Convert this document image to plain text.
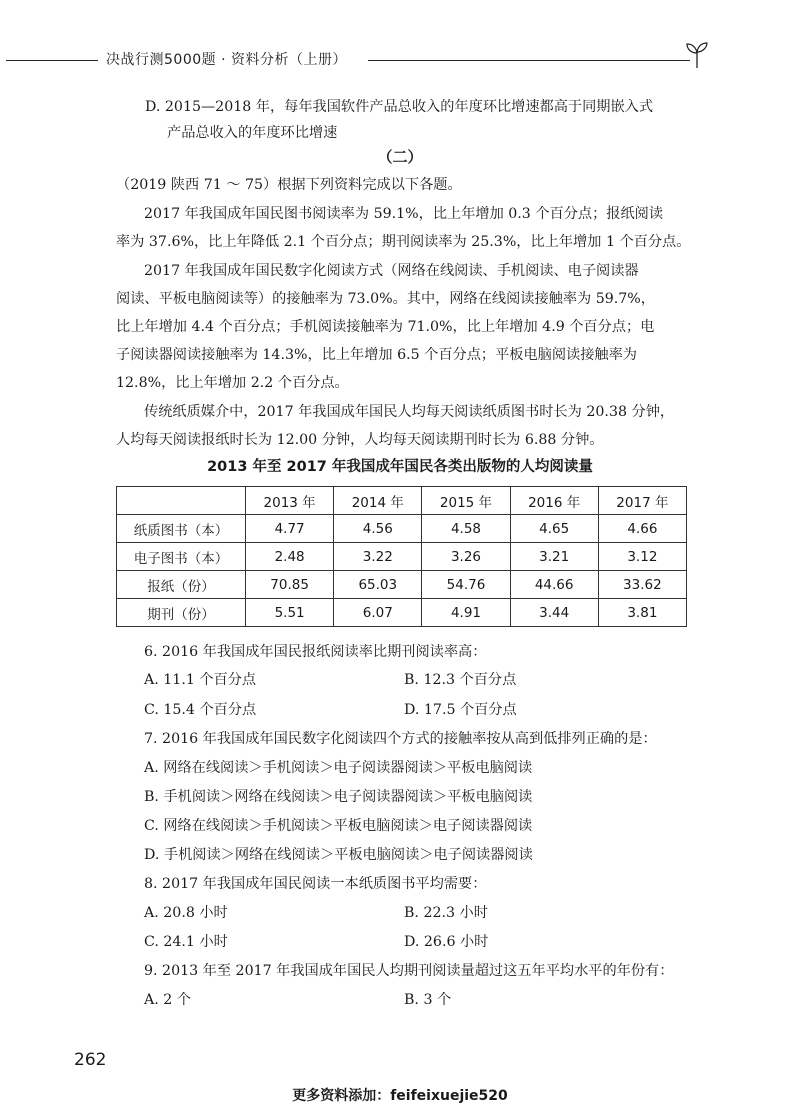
决战行测5000题 · 资料分析（上册）
D. 2015—2018 年，每年我国软件产品总收入的年度环比增速都高于同期嵌入式
产品总收入的年度环比增速
（二）
（2019 陕西 71 ～ 75）根据下列资料完成以下各题。
2017 年我国成年国民图书阅读率为 59.1%，比上年增加 0.3 个百分点；报纸阅读
率为 37.6%，比上年降低 2.1 个百分点；期刊阅读率为 25.3%，比上年增加 1 个百分点。
2017 年我国成年国民数字化阅读方式（网络在线阅读、手机阅读、电子阅读器
阅读、平板电脑阅读等）的接触率为 73.0%。其中，网络在线阅读接触率为 59.7%，
比上年增加 4.4 个百分点；手机阅读接触率为 71.0%，比上年增加 4.9 个百分点；电
子阅读器阅读接触率为 14.3%，比上年增加 6.5 个百分点；平板电脑阅读接触率为
12.8%，比上年增加 2.2 个百分点。
传统纸质媒介中，2017 年我国成年国民人均每天阅读纸质图书时长为 20.38 分钟，
人均每天阅读报纸时长为 12.00 分钟，人均每天阅读期刊时长为 6.88 分钟。
2013 年至 2017 年我国成年国民各类出版物的人均阅读量
	2013 年	2014 年	2015 年	2016 年	2017 年
纸质图书（本）	4.77	4.56	4.58	4.65	4.66
电子图书（本）	2.48	3.22	3.26	3.21	3.12
报纸（份）	70.85	65.03	54.76	44.66	33.62
期刊（份）	5.51	6.07	4.91	3.44	3.81
6. 2016 年我国成年国民报纸阅读率比期刊阅读率高：
A. 11.1 个百分点	B. 12.3 个百分点
C. 15.4 个百分点	D. 17.5 个百分点
7. 2016 年我国成年国民数字化阅读四个方式的接触率按从高到低排列正确的是：
A. 网络在线阅读＞手机阅读＞电子阅读器阅读＞平板电脑阅读
B. 手机阅读＞网络在线阅读＞电子阅读器阅读＞平板电脑阅读
C. 网络在线阅读＞手机阅读＞平板电脑阅读＞电子阅读器阅读
D. 手机阅读＞网络在线阅读＞平板电脑阅读＞电子阅读器阅读
8. 2017 年我国成年国民阅读一本纸质图书平均需要：
A. 20.8 小时	B. 22.3 小时
C. 24.1 小时	D. 26.6 小时
9. 2013 年至 2017 年我国成年国民人均期刊阅读量超过这五年平均水平的年份有：
A. 2 个	B. 3 个
262
更多资料添加：feifeixuejie520
